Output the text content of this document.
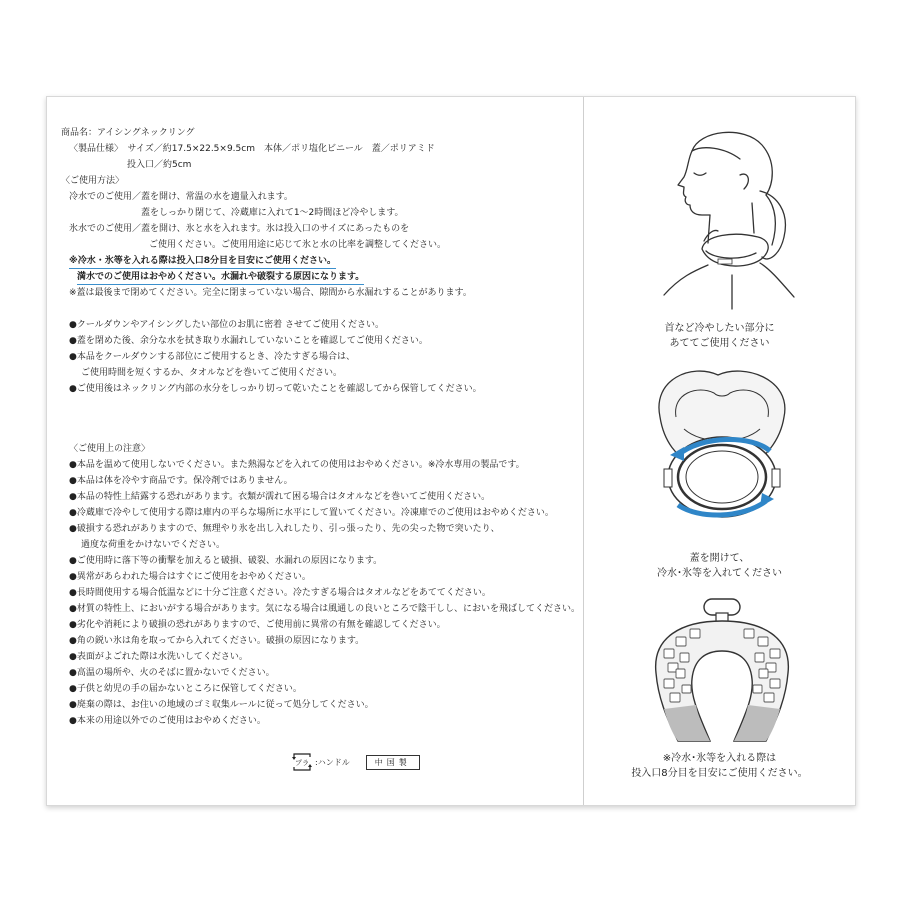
商品名：アイシングネックリング
〈製品仕様〉　サイズ／約17.5×22.5×9.5cm　本体／ポリ塩化ビニール　蓋／ポリアミド
投入口／約5cm
〈ご使用方法〉
冷水でのご使用／蓋を開け、常温の水を適量入れます。
蓋をしっかり閉じて、冷蔵庫に入れて1〜2時間ほど冷やします。
氷水でのご使用／蓋を開け、氷と水を入れます。氷は投入口のサイズにあったものを
ご使用ください。ご使用用途に応じて氷と水の比率を調整してください。
※冷水・氷等を入れる際は投入口8分目を目安にご使用ください。
満水でのご使用はおやめください。水漏れや破裂する原因になります。
※蓋は最後まで閉めてください。完全に閉まっていない場合、隙間から水漏れすることがあります。
●クールダウンやアイシングしたい部位のお肌に密着 させてご使用ください。
●蓋を閉めた後、余分な水を拭き取り水漏れしていないことを確認してご使用ください。
●本品をクールダウンする部位にご使用するとき、冷たすぎる場合は、
ご使用時間を短くするか、タオルなどを巻いてご使用ください。
●ご使用後はネックリング内部の水分をしっかり切って乾いたことを確認してから保管してください。
〈ご使用上の注意〉
●本品を温めて使用しないでください。また熱湯などを入れての使用はおやめください。※冷水専用の製品です。
●本品は体を冷やす商品です。保冷剤ではありません。
●本品の特性上結露する恐れがあります。衣類が濡れて困る場合はタオルなどを巻いてご使用ください。
●冷蔵庫で冷やして使用する際は庫内の平らな場所に水平にして置いてください。冷凍庫でのご使用はおやめください。
●破損する恐れがありますので、無理やり氷を出し入れしたり、引っ張ったり、先の尖った物で突いたり、
過度な荷重をかけないでください。
●ご使用時に落下等の衝撃を加えると破損、破裂、水漏れの原因になります。
●異常があらわれた場合はすぐにご使用をおやめください。
●長時間使用する場合低温などに十分ご注意ください。冷たすぎる場合はタオルなどをあててください。
●材質の特性上、においがする場合があります。気になる場合は風通しの良いところで陰干しし、においを飛ばしてください。
●劣化や消耗により破損の恐れがありますので、ご使用前に異常の有無を確認してください。
●角の鋭い氷は角を取ってから入れてください。破損の原因になります。
●表面がよごれた際は水洗いしてください。
●高温の場所や、火のそばに置かないでください。
●子供と幼児の手の届かないところに保管してください。
●廃棄の際は、お住いの地域のゴミ収集ルールに従って処分してください。
●本来の用途以外でのご使用はおやめください。
プラ :ハンドル	中国製
首など冷やしたい部分に
あててご使用ください
蓋を開けて、
冷水･氷等を入れてください
※冷水･氷等を入れる際は
投入口8分目を目安にご使用ください。
